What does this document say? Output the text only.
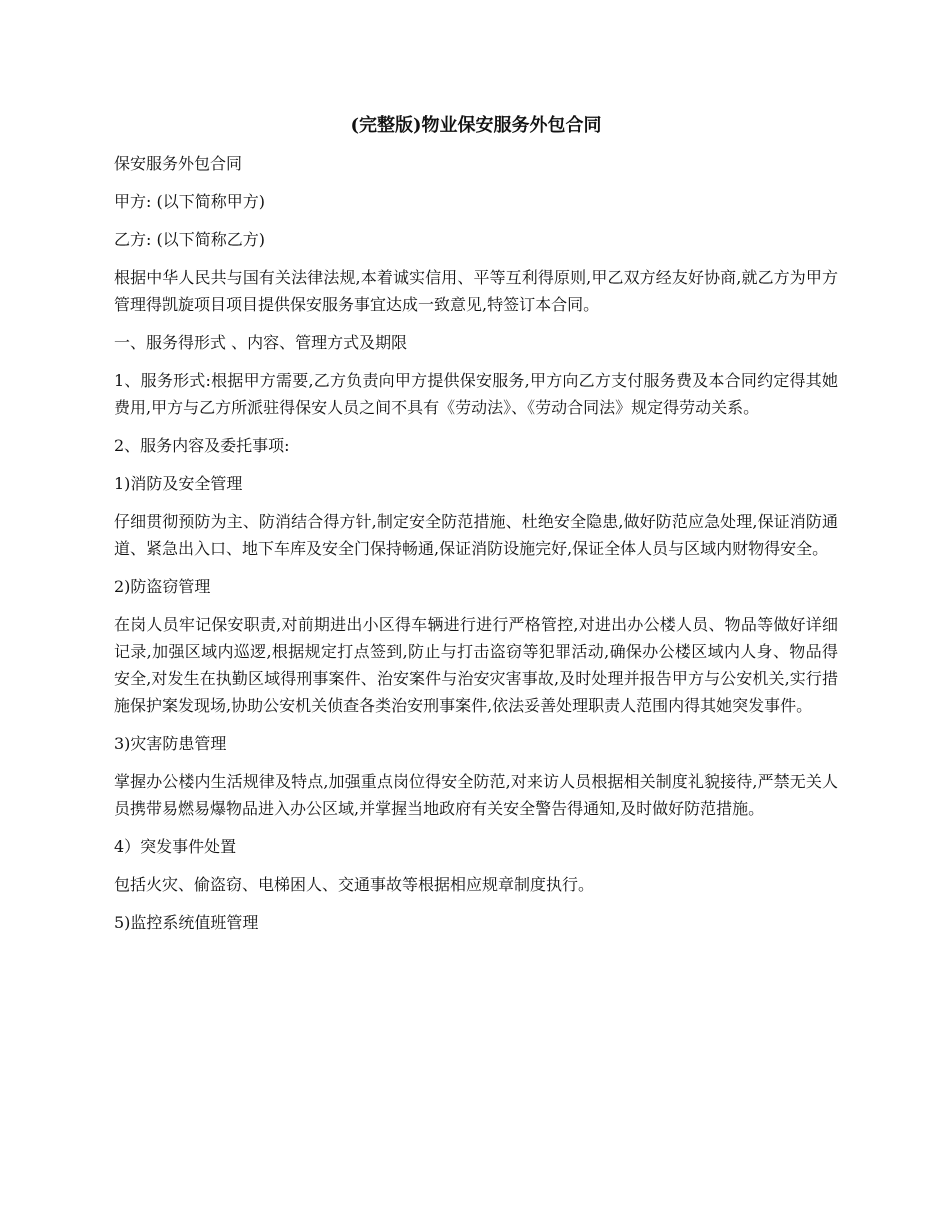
(完整版)物业保安服务外包合同

保安服务外包合同

甲方: (以下简称甲方)

乙方: (以下简称乙方)

根据中华人民共与国有关法律法规,本着诚实信用、平等互利得原则,甲乙双方经友好协商,就乙方为甲方管理得凯旋项目项目提供保安服务事宜达成一致意见,特签订本合同。

一、服务得形式 、内容、管理方式及期限

1、服务形式:根据甲方需要,乙方负责向甲方提供保安服务,甲方向乙方支付服务费及本合同约定得其她费用,甲方与乙方所派驻得保安人员之间不具有《劳动法》、《劳动合同法》规定得劳动关系。

2、服务内容及委托事项:

1)消防及安全管理

仔细贯彻预防为主、防消结合得方针,制定安全防范措施、杜绝安全隐患,做好防范应急处理,保证消防通道、紧急出入口、地下车库及安全门保持畅通,保证消防设施完好,保证全体人员与区域内财物得安全。

2)防盗窃管理

在岗人员牢记保安职责,对前期进出小区得车辆进行进行严格管控,对进出办公楼人员、物品等做好详细记录,加强区域内巡逻,根据规定打点签到,防止与打击盗窃等犯罪活动,确保办公楼区域内人身、物品得安全,对发生在执勤区域得刑事案件、治安案件与治安灾害事故,及时处理并报告甲方与公安机关,实行措施保护案发现场,协助公安机关侦查各类治安刑事案件,依法妥善处理职责人范围内得其她突发事件。

3)灾害防患管理

掌握办公楼内生活规律及特点,加强重点岗位得安全防范,对来访人员根据相关制度礼貌接待,严禁无关人员携带易燃易爆物品进入办公区域,并掌握当地政府有关安全警告得通知,及时做好防范措施。

4）突发事件处置

包括火灾、偷盗窃、电梯困人、交通事故等根据相应规章制度执行。

5)监控系统值班管理
